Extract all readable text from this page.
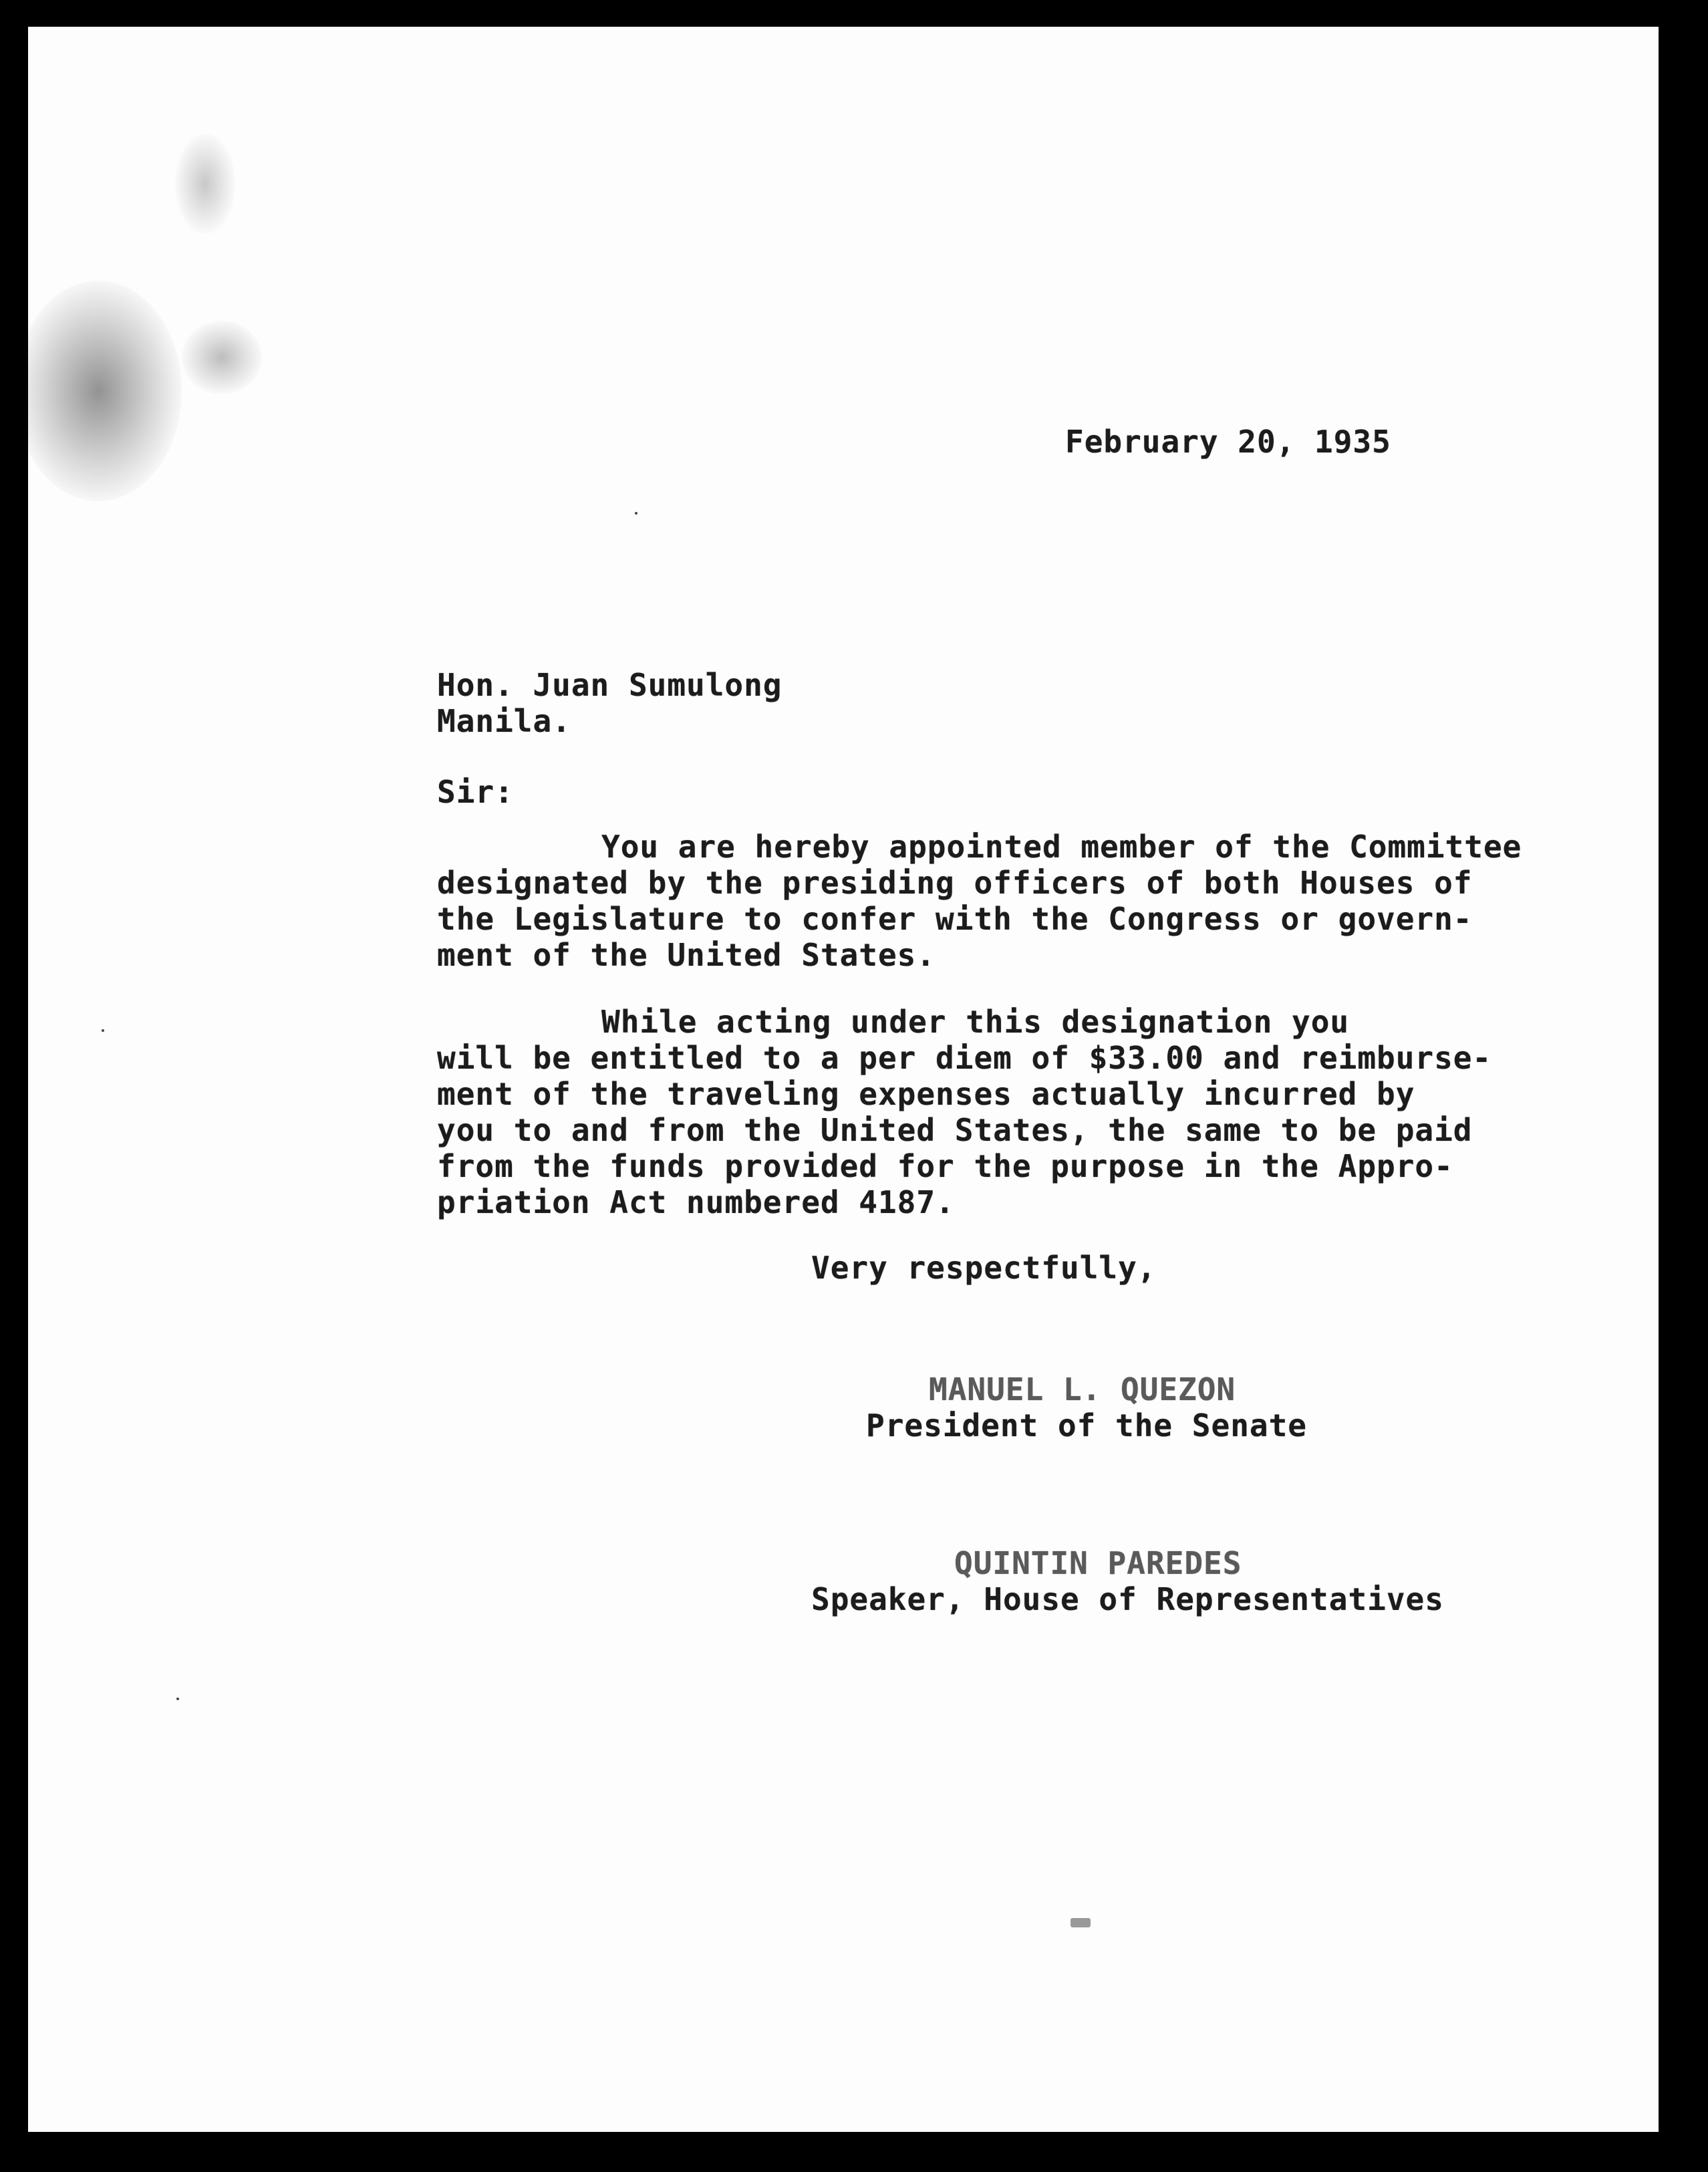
February 20, 1935
Hon. Juan Sumulong
Manila.
Sir:
You are hereby appointed member of the Committee
designated by the presiding officers of both Houses of
the Legislature to confer with the Congress or govern-
ment of the United States.
While acting under this designation you
will be entitled to a per diem of $33.00 and reimburse-
ment of the traveling expenses actually incurred by
you to and from the United States, the same to be paid
from the funds provided for the purpose in the Appro-
priation Act numbered 4187.
Very respectfully,
MANUEL L. QUEZON
President of the Senate
QUINTIN PAREDES
Speaker, House of Representatives
